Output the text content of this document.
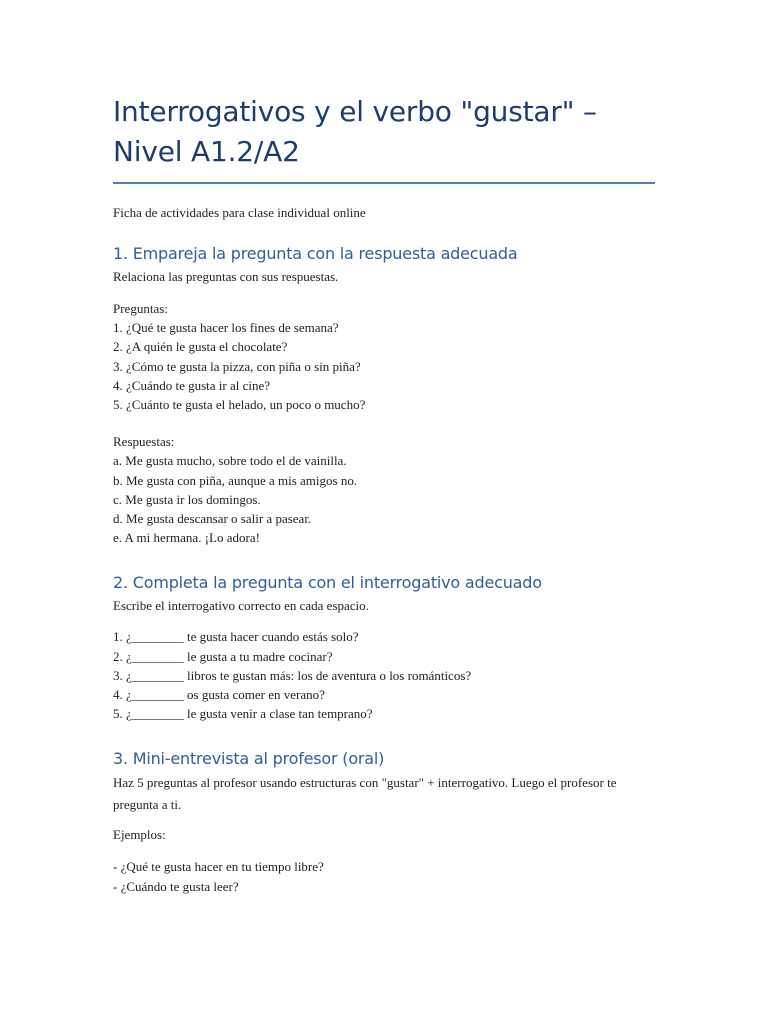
Interrogativos y el verbo "gustar" –
Nivel A1.2/A2
Ficha de actividades para clase individual online
1. Empareja la pregunta con la respuesta adecuada

Relaciona las preguntas con sus respuestas.

Preguntas:
1. ¿Qué te gusta hacer los fines de semana?
2. ¿A quién le gusta el chocolate?
3. ¿Cómo te gusta la pizza, con piña o sin piña?
4. ¿Cuándo te gusta ir al cine?
5. ¿Cuánto te gusta el helado, un poco o mucho?
Respuestas:
a. Me gusta mucho, sobre todo el de vainilla.
b. Me gusta con piña, aunque a mis amigos no.
c. Me gusta ir los domingos.
d. Me gusta descansar o salir a pasear.
e. A mi hermana. ¡Lo adora!
2. Completa la pregunta con el interrogativo adecuado

Escribe el interrogativo correcto en cada espacio.

1. ¿________ te gusta hacer cuando estás solo?
2. ¿________ le gusta a tu madre cocinar?
3. ¿________ libros te gustan más: los de aventura o los románticos?
4. ¿________ os gusta comer en verano?
5. ¿________ le gusta venir a clase tan temprano?
3. Mini-entrevista al profesor (oral)

Haz 5 preguntas al profesor usando estructuras con "gustar" + interrogativo. Luego el profesor te pregunta a ti.

Ejemplos:

- ¿Qué te gusta hacer en tu tiempo libre?
- ¿Cuándo te gusta leer?
